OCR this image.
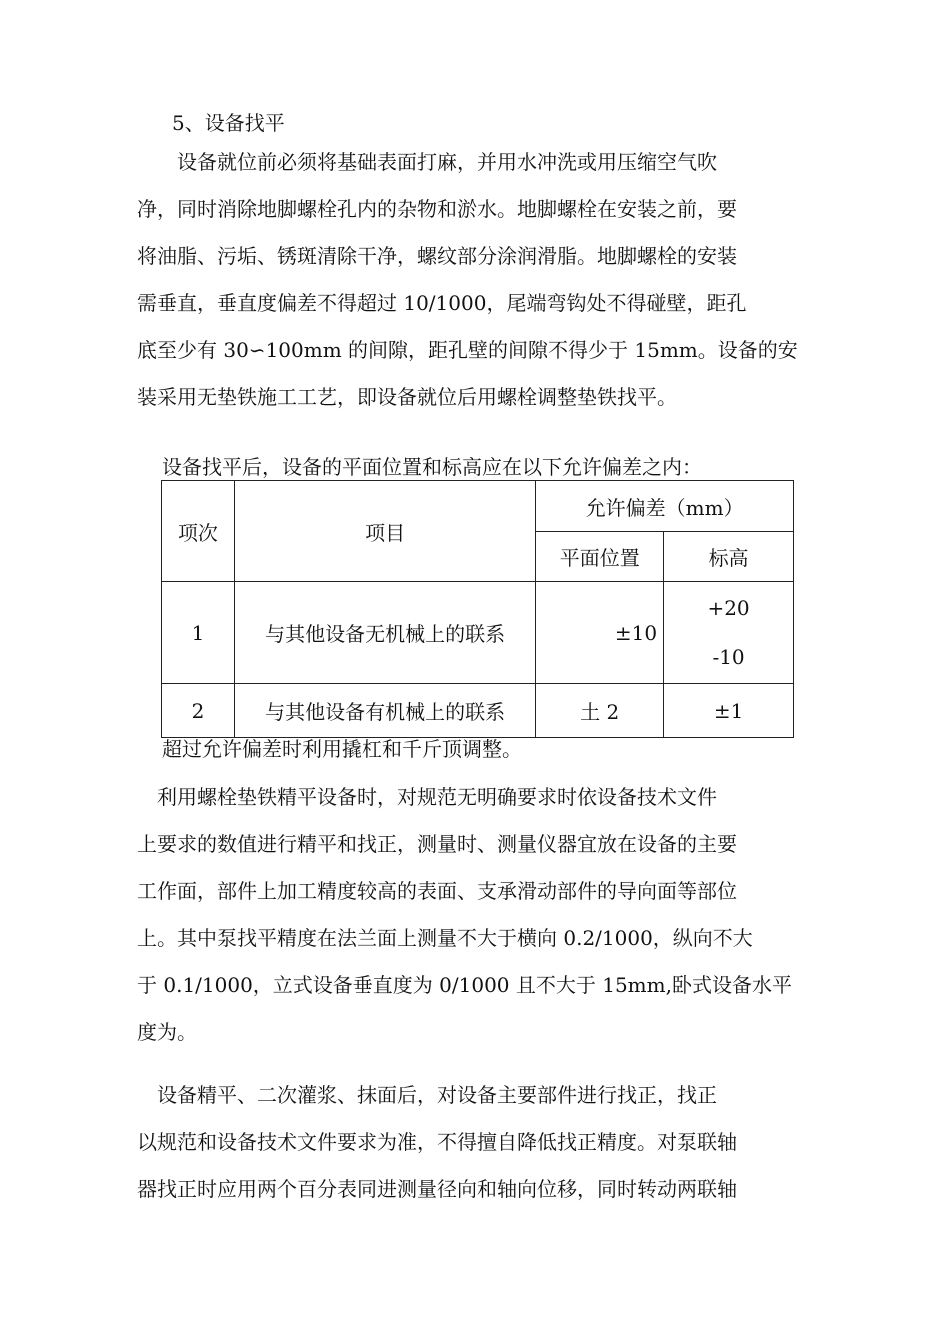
5、设备找平
　　设备就位前必须将基础表面打麻，并用水冲洗或用压缩空气吹
净，同时消除地脚螺栓孔内的杂物和淤水。地脚螺栓在安装之前，要
将油脂、污垢、锈斑清除干净，螺纹部分涂润滑脂。地脚螺栓的安装
需垂直，垂直度偏差不得超过 10/1000，尾端弯钩处不得碰壁，距孔
底至少有 30∽100mm 的间隙，距孔壁的间隙不得少于 15mm。设备的安
装采用无垫铁施工工艺，即设备就位后用螺栓调整垫铁找平。
设备找平后，设备的平面位置和标高应在以下允许偏差之内：
项次	项目	允许偏差（mm）	
		平面位置	标高
1	与其他设备无机械上的联系	±10	+20
-10

2	与其他设备有机械上的联系	土 2	±1
超过允许偏差时利用撬杠和千斤顶调整。
　利用螺栓垫铁精平设备时，对规范无明确要求时依设备技术文件
上要求的数值进行精平和找正，测量时、测量仪器宜放在设备的主要
工作面，部件上加工精度较高的表面、支承滑动部件的导向面等部位
上。其中泵找平精度在法兰面上测量不大于横向 0.2/1000，纵向不大
于 0.1/1000，立式设备垂直度为 0/1000 且不大于 15mm,卧式设备水平
度为。
　设备精平、二次灌浆、抹面后，对设备主要部件进行找正，找正
以规范和设备技术文件要求为准，不得擅自降低找正精度。对泵联轴
器找正时应用两个百分表同进测量径向和轴向位移，同时转动两联轴
